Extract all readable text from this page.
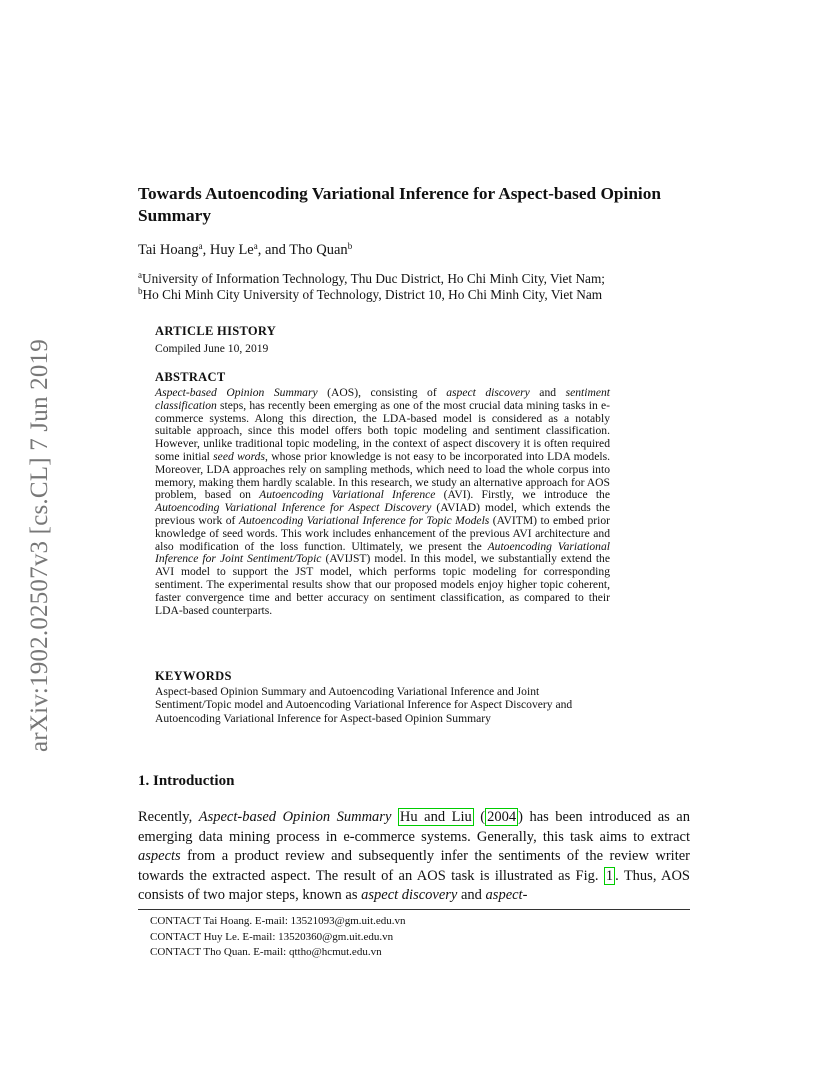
arXiv:1902.02507v3 [cs.CL] 7 Jun 2019
Towards Autoencoding Variational Inference for Aspect-based Opinion Summary
Tai Hoang$^a$, Huy Le$^a$, and Tho Quan$^b$
$^a$University of Information Technology, Thu Duc District, Ho Chi Minh City, Viet Nam;
$^b$Ho Chi Minh City University of Technology, District 10, Ho Chi Minh City, Viet Nam
ARTICLE HISTORY
Compiled June 10, 2019
ABSTRACT
Aspect-based Opinion Summary (AOS), consisting of aspect discovery and sentiment classification steps, has recently been emerging as one of the most crucial data mining tasks in e-commerce systems. Along this direction, the LDA-based model is considered as a notably suitable approach, since this model offers both topic modeling and sentiment classification. However, unlike traditional topic modeling, in the context of aspect discovery it is often required some initial seed words, whose prior knowledge is not easy to be incorporated into LDA models. Moreover, LDA approaches rely on sampling methods, which need to load the whole corpus into memory, making them hardly scalable. In this research, we study an alternative approach for AOS problem, based on Autoencoding Variational Inference (AVI). Firstly, we introduce the Autoencoding Variational Inference for Aspect Discovery (AVIAD) model, which extends the previous work of Autoencoding Variational Inference for Topic Models (AVITM) to embed prior knowledge of seed words. This work includes enhancement of the previous AVI architecture and also modification of the loss function. Ultimately, we present the Autoencoding Variational Inference for Joint Sentiment/Topic (AVIJST) model. In this model, we substantially extend the AVI model to support the JST model, which performs topic modeling for corresponding sentiment. The experimental results show that our proposed models enjoy higher topic coherent, faster convergence time and better accuracy on sentiment classification, as compared to their LDA-based counterparts.
KEYWORDS
Aspect-based Opinion Summary and Autoencoding Variational Inference and Joint Sentiment/Topic model and Autoencoding Variational Inference for Aspect Discovery and Autoencoding Variational Inference for Aspect-based Opinion Summary
1. Introduction
Recently, Aspect-based Opinion Summary Hu and Liu ( 2004 ) has been introduced as an emerging data mining process in e-commerce systems. Generally, this task aims to extract aspects from a product review and subsequently infer the sentiments of the review writer towards the extracted aspect. The result of an AOS task is illustrated as Fig. 1 . Thus, AOS consists of two major steps, known as aspect discovery and aspect-
CONTACT Tai Hoang. E-mail: 13521093@gm.uit.edu.vn
CONTACT Huy Le. E-mail: 13520360@gm.uit.edu.vn
CONTACT Tho Quan. E-mail: qttho@hcmut.edu.vn
